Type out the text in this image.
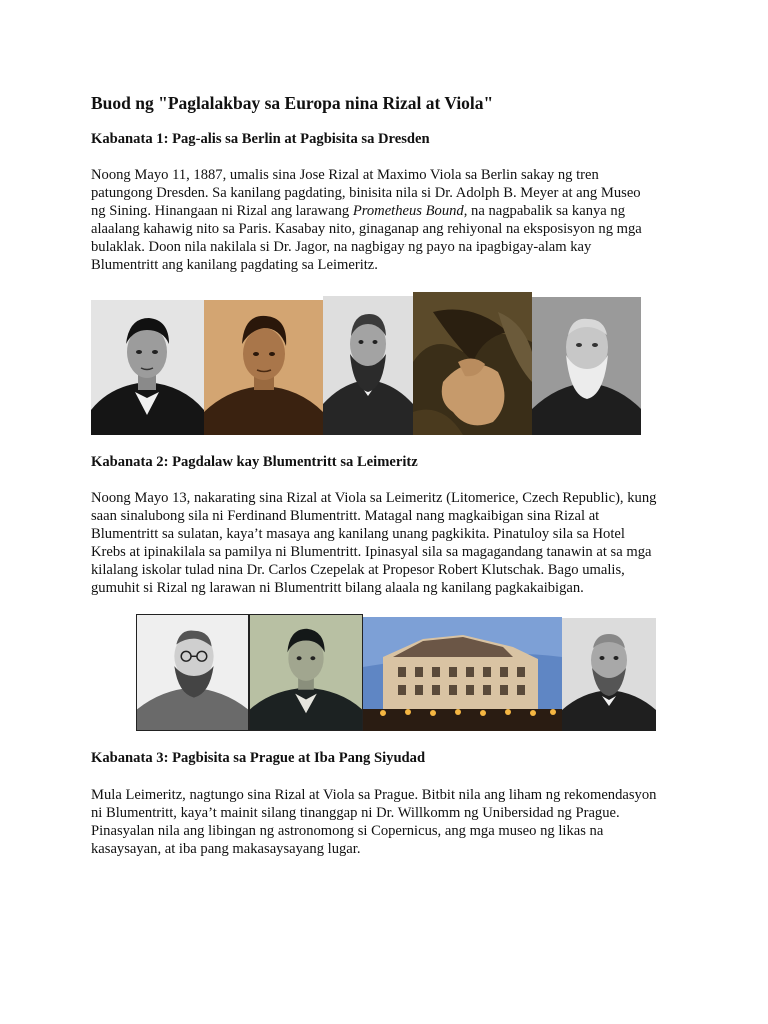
Buod ng "Paglalakbay sa Europa nina Rizal at Viola"
Kabanata 1: Pag-alis sa Berlin at Pagbisita sa Dresden

Noong Mayo 11, 1887, umalis sina Jose Rizal at Maximo Viola sa Berlin sakay ng tren
patungong Dresden. Sa kanilang pagdating, binisita nila si Dr. Adolph B. Meyer at ang Museo
ng Sining. Hinangaan ni Rizal ang larawang Prometheus Bound, na nagpabalik sa kanya ng
alaalang kahawig nito sa Paris. Kasabay nito, ginaganap ang rehiyonal na eksposisyon ng mga
bulaklak. Doon nila nakilala si Dr. Jagor, na nagbigay ng payo na ipagbigay-alam kay
Blumentritt ang kanilang pagdating sa Leimeritz.

Kabanata 2: Pagdalaw kay Blumentritt sa Leimeritz

Noong Mayo 13, nakarating sina Rizal at Viola sa Leimeritz (Litomerice, Czech Republic), kung
saan sinalubong sila ni Ferdinand Blumentritt. Matagal nang magkaibigan sina Rizal at
Blumentritt sa sulatan, kaya’t masaya ang kanilang unang pagkikita. Pinatuloy sila sa Hotel
Krebs at ipinakilala sa pamilya ni Blumentritt. Ipinasyal sila sa magagandang tanawin at sa mga
kilalang iskolar tulad nina Dr. Carlos Czepelak at Propesor Robert Klutschak. Bago umalis,
gumuhit si Rizal ng larawan ni Blumentritt bilang alaala ng kanilang pagkakaibigan.

Kabanata 3: Pagbisita sa Prague at Iba Pang Siyudad

Mula Leimeritz, nagtungo sina Rizal at Viola sa Prague. Bitbit nila ang liham ng rekomendasyon
ni Blumentritt, kaya’t mainit silang tinanggap ni Dr. Willkomm ng Unibersidad ng Prague.
Pinasyalan nila ang libingan ng astronomong si Copernicus, ang mga museo ng likas na
kasaysayan, at iba pang makasaysayang lugar.
